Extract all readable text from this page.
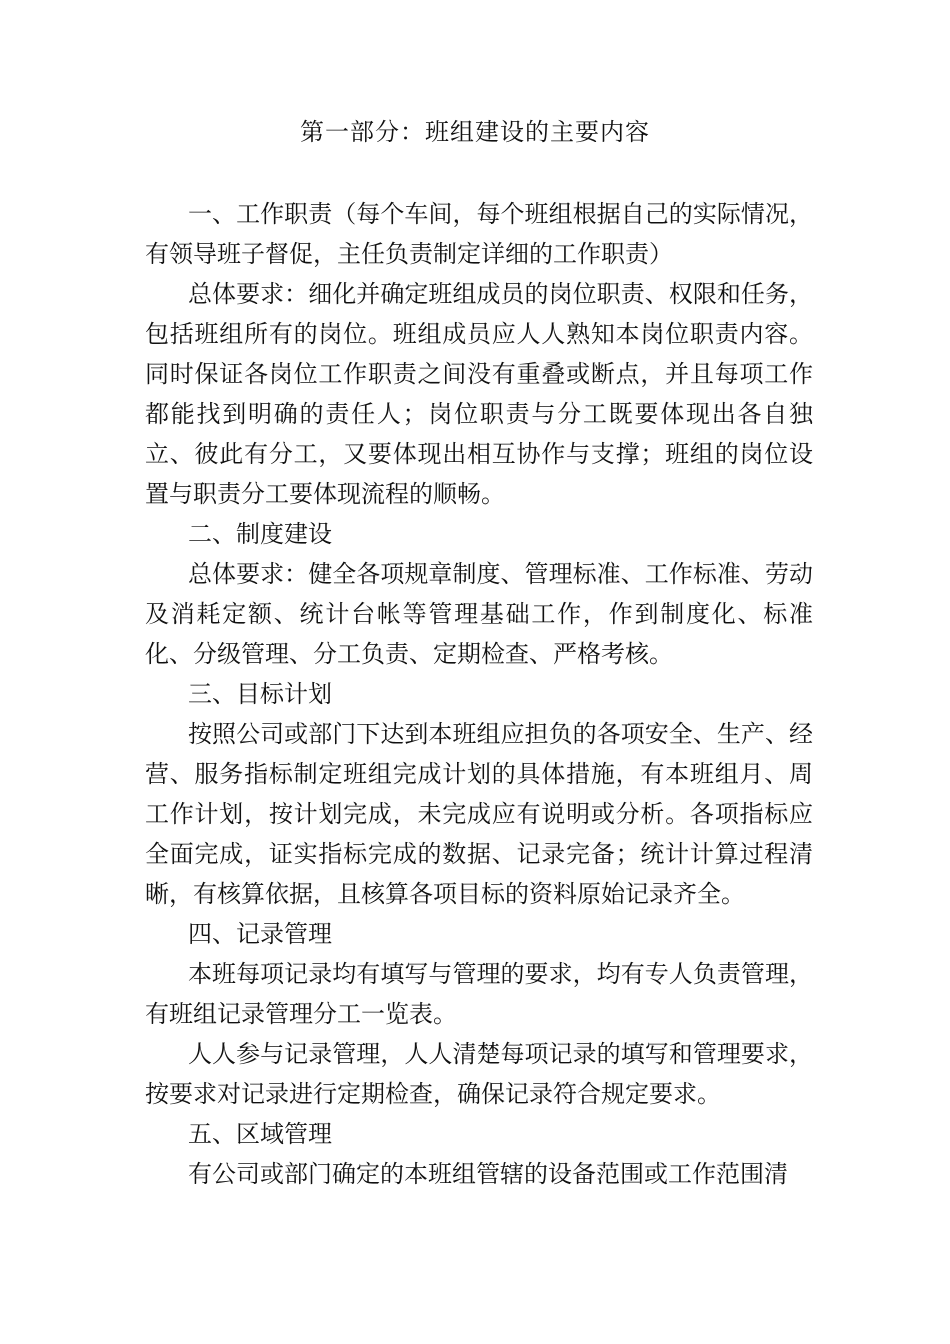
第一部分：班组建设的主要内容

一、工作职责（每个车间，每个班组根据自己的实际情况，有领导班子督促，主任负责制定详细的工作职责）

总体要求：细化并确定班组成员的岗位职责、权限和任务，包括班组所有的岗位。班组成员应人人熟知本岗位职责内容。同时保证各岗位工作职责之间没有重叠或断点，并且每项工作都能找到明确的责任人；岗位职责与分工既要体现出各自独立、彼此有分工，又要体现出相互协作与支撑；班组的岗位设置与职责分工要体现流程的顺畅。

二、制度建设

总体要求：健全各项规章制度、管理标准、工作标准、劳动及消耗定额、统计台帐等管理基础工作，作到制度化、标准化、分级管理、分工负责、定期检查、严格考核。

三、目标计划

按照公司或部门下达到本班组应担负的各项安全、生产、经营、服务指标制定班组完成计划的具体措施，有本班组月、周工作计划，按计划完成，未完成应有说明或分析。各项指标应全面完成，证实指标完成的数据、记录完备；统计计算过程清晰，有核算依据，且核算各项目标的资料原始记录齐全。

四、记录管理

本班每项记录均有填写与管理的要求，均有专人负责管理，有班组记录管理分工一览表。

人人参与记录管理，人人清楚每项记录的填写和管理要求，按要求对记录进行定期检查，确保记录符合规定要求。

五、区域管理

有公司或部门确定的本班组管辖的设备范围或工作范围清
